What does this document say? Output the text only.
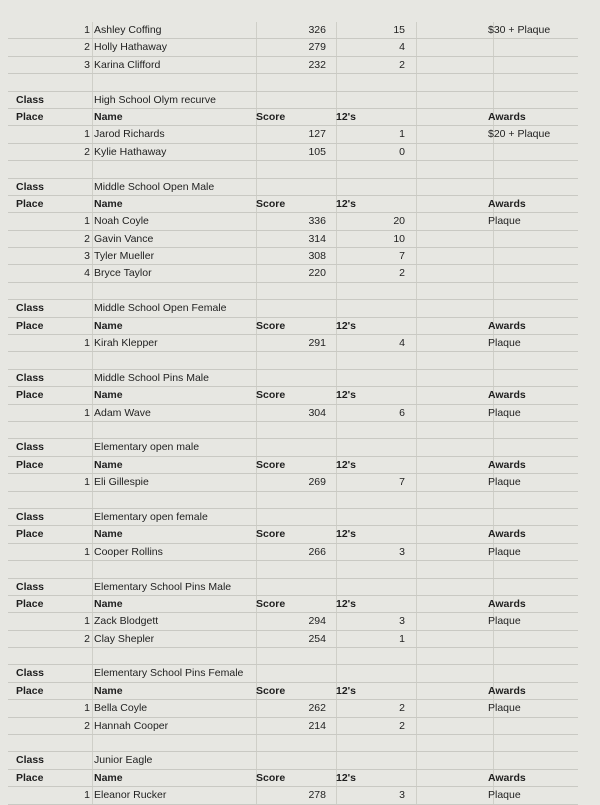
1 Ashley Coffing	326	15	$30 + Plaque
2 Holly Hathaway	279	4
3 Karina Clifford	232	2
Class	High School Olym recurve
Place	Name	Score	12's	Awards
1 Jarod Richards	127	1	$20 + Plaque
2 Kylie Hathaway	105	0
Class	Middle School Open Male
Place	Name	Score	12's	Awards
1 Noah Coyle	336	20	Plaque
2 Gavin Vance	314	10
3 Tyler Mueller	308	7
4 Bryce Taylor	220	2
Class	Middle School Open Female
Place	Name	Score	12's	Awards
1 Kirah Klepper	291	4	Plaque
Class	Middle School Pins Male
Place	Name	Score	12's	Awards
1 Adam Wave	304	6	Plaque
Class	Elementary open male
Place	Name	Score	12's	Awards
1 Eli Gillespie	269	7	Plaque
Class	Elementary open female
Place	Name	Score	12's	Awards
1 Cooper Rollins	266	3	Plaque
Class	Elementary School Pins Male
Place	Name	Score	12's	Awards
1 Zack Blodgett	294	3	Plaque
2 Clay Shepler	254	1
Class	Elementary School Pins Female
Place	Name	Score	12's	Awards
1 Bella Coyle	262	2	Plaque
2 Hannah Cooper	214	2
Class	Junior Eagle
Place	Name	Score	12's	Awards
1 Eleanor Rucker	278	3	Plaque
